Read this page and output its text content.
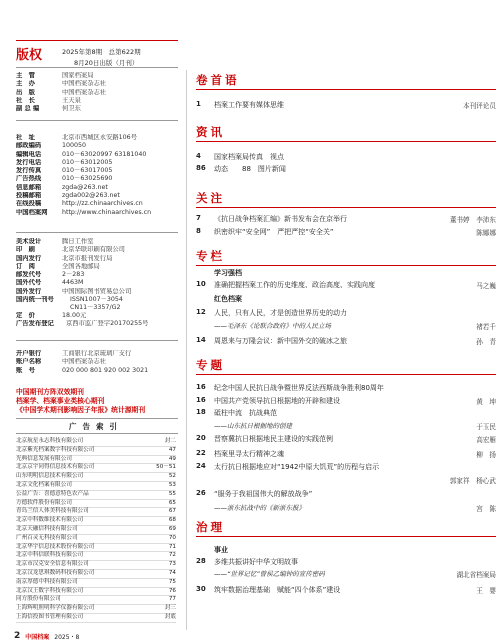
版权	2025年第8期　总第622期
8月20日出版（月刊）
主　管	国家档案局
主　办	中国档案杂志社
出　版	中国档案杂志社
社　长	王天泉
副 总 编	何卫东
社　址	北京市西城区永安路106号
邮政编码	100050
编辑电话	010－63020997 63181040
发行电话	010－63012005
发行传真	010－63017005
广告热线	010－63025690
信息邮箱	zgda@263.net
投稿邮箱	zgda002@263.net
在线投稿	http://zz.chinaarchives.cn
中国档案网	http://www.chinaarchives.cn
美术设计	腾日工作室
印　刷	北京华联印刷有限公司
国内发行	北京市报刊发行局
订　阅	全国各地邮局
邮发代号	2－283
国外代号	4463M
国外发行	中国国际图书贸易总公司
国内统一刊号	ISSN1007－3054 CN11－3357/G2
定　价	18.00元
广告发布登记	京西市监广登字20170255号
开户银行	工商银行北京琉璃厂支行
账户名称	中国档案杂志社
账　号	020 000 801 920 002 3021
中国期刊方阵双效期刊
档案学、档案事业类核心期刊
《中国学术期刊影响因子年报》统计源期刊
广告索引
北京航星永志科技有限公司	封二
北京紫光档案数字科技有限公司	47
光典信息发展有限公司	49
北京京宇同得信息技术有限公司	50－51
山东明明信息技术有限公司	52
北京文化档案有限公司	53
公益广告：喜德意特色农产品	55
方德软件股份有限公司	65
青岛兰信人体美科技有限公司	67
北京中科数维技术有限公司	68
北京天融信科技有限公司	69
广州百灵无科技有限公司	70
北京华宇信息技术股份有限公司	71
北京中科信联科技有限公司	72
北京市汉克安全信息有限公司	73
北京汉龙思琪数码科技有限公司	74
南京厚德中科技有限公司	75
北京汉王数字科技有限公司	76
同方股份有限公司	77
上海辉明照明科学仪器有限公司	封三
上海信投图书管理有限公司	封底
2 中国档案 2025・8
卷首语
1	档案工作要有媒体思维	本刊评论员
资讯
4	国家档案局传真　视点
86	动态　　88　图片新闻
关注
7	《抗日战争档案汇编》新书发布会在京举行	董书婷　李沛东
8	织密织牢“安全网”　严把严控“安全关”	陈娜娜
专栏
学习强档
10	准确把握档案工作的历史维度、政治高度、实践向度	马之巍
红色档案
12	人民，只有人民，才是创造世界历史的动力
——毛泽东《论联合政府》中的人民立场	褚若千
14	周恩来与万隆会议：新中国外交的破冰之旅	孙　青
专题
16	纪念中国人民抗日战争暨世界反法西斯战争胜利80周年
16	中国共产党领导抗日根据地的开辟和建设	黄　坤
18	砥柱中流　抗战典范
——山东抗日根据地的创建	于玉民
20	晋察冀抗日根据地民主建设的实践范例	高宏雁
22	档案里寻太行精神之魂	柳　扬
24	太行抗日根据地应对“1942中原大饥荒”的历程与启示
郭家祥　杨心武
26	“服务于我祖国伟大的解放战争”
——浙东抗战中的《新浙东报》	宫　陈
治理
事业
28	多维共振讲好中华文明故事
——“世界记忆”曾侯乙编钟的宣传密码	湖北省档案局
30	筑牢数据治理基础　赋能“四个体系”建设	王　婴
